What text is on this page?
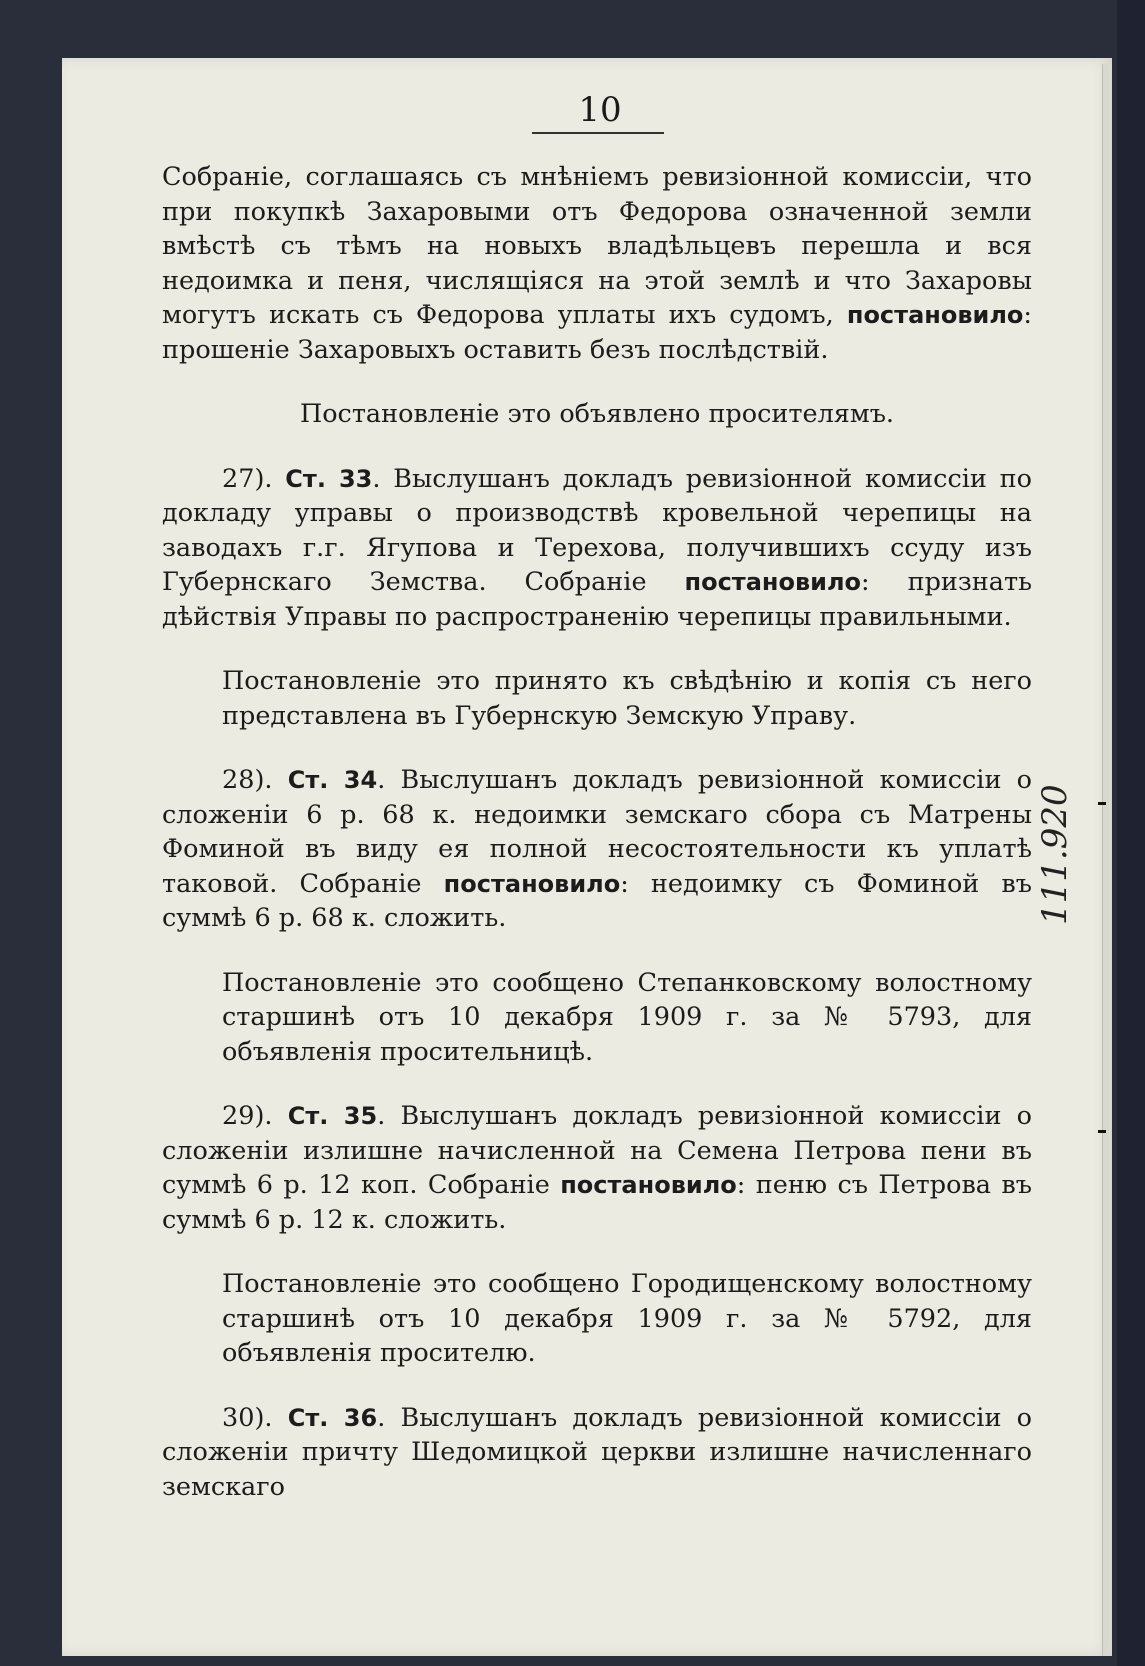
10

Собраніе, соглашаясь съ мнѣніемъ ревизіонной комиссіи, что при покупкѣ Захаровыми отъ Федорова означенной земли вмѣстѣ съ тѣмъ на новыхъ владѣльцевъ перешла и вся недоимка и пеня, числящіяся на этой землѣ и что Захаровы могутъ искать съ Федорова уплаты ихъ судомъ, постановило: прошеніе Захаровыхъ оставить безъ послѣдствій.

Постановленіе это объявлено просителямъ.

27). Ст. 33. Выслушанъ докладъ ревизіонной комиссіи по докладу управы о производствѣ кровельной черепицы на заводахъ г.г. Ягупова и Терехова, получившихъ ссуду изъ Губернскаго Земства. Собраніе постановило: признать дѣйствія Управы по распространенію черепицы правильными.

Постановленіе это принято къ свѣдѣнію и копія съ него представлена въ Губернскую Земскую Управу.

28). Ст. 34. Выслушанъ докладъ ревизіонной комиссіи о сложеніи 6 р. 68 к. недоимки земскаго сбора съ Матрены Фоминой въ виду ея полной несостоятельности къ уплатѣ таковой. Собраніе постановило: недоимку съ Фоминой въ суммѣ 6 р. 68 к. сложить.

Постановленіе это сообщено Степанковскому волостному старшинѣ отъ 10 декабря 1909 г. за № 5793, для объявленія просительницѣ.

29). Ст. 35. Выслушанъ докладъ ревизіонной комиссіи о сложеніи излишне начисленной на Семена Петрова пени въ суммѣ 6 р. 12 коп. Собраніе постановило: пеню съ Петрова въ суммѣ 6 р. 12 к. сложить.

Постановленіе это сообщено Городищенскому волостному старшинѣ отъ 10 декабря 1909 г. за № 5792, для объявленія просителю.

30). Ст. 36. Выслушанъ докладъ ревизіонной комиссіи о сложеніи причту Шедомицкой церкви излишне начисленнаго земскаго

111.920
